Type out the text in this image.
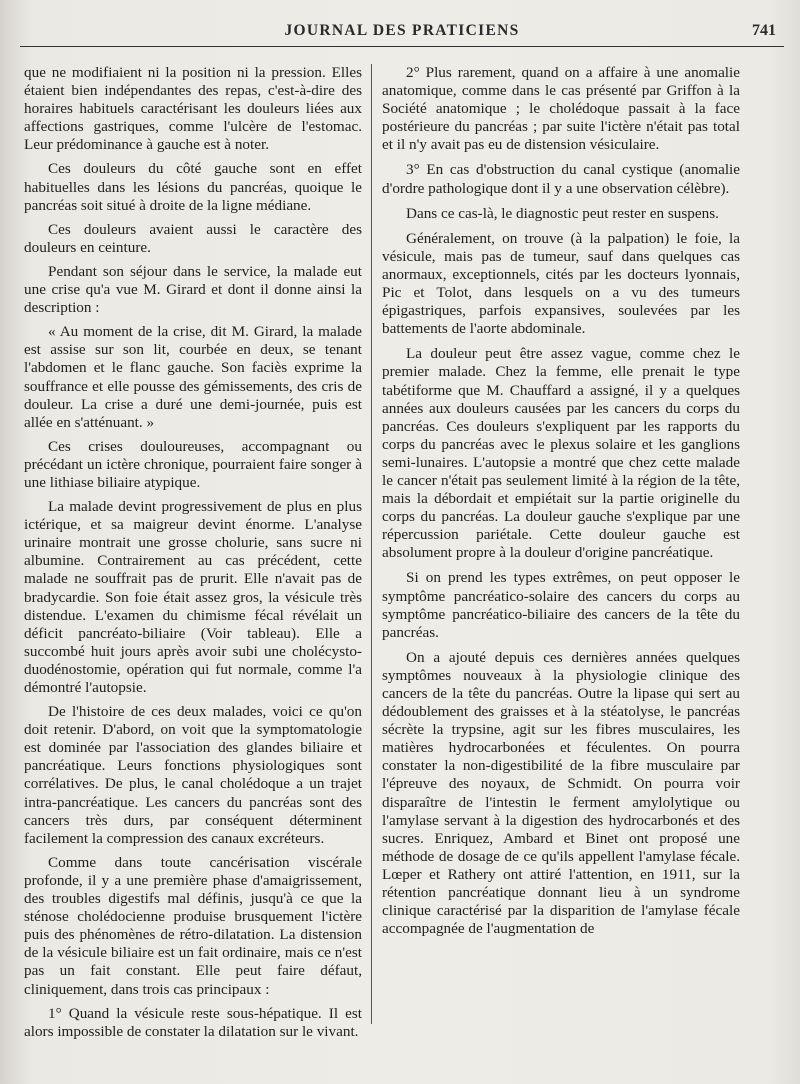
JOURNAL DES PRATICIENS	741

que ne modifiaient ni la position ni la pression. Elles étaient bien indépendantes des repas, c'est-à-dire des horaires habituels caractérisant les douleurs liées aux affections gastriques, comme l'ulcère de l'estomac. Leur prédominance à gauche est à noter.

Ces douleurs du côté gauche sont en effet habituelles dans les lésions du pancréas, quoique le pancréas soit situé à droite de la ligne médiane.

Ces douleurs avaient aussi le caractère des douleurs en ceinture.

Pendant son séjour dans le service, la malade eut une crise qu'a vue M. Girard et dont il donne ainsi la description :

« Au moment de la crise, dit M. Girard, la malade est assise sur son lit, courbée en deux, se tenant l'abdomen et le flanc gauche. Son faciès exprime la souffrance et elle pousse des gémissements, des cris de douleur. La crise a duré une demi-journée, puis est allée en s'atténuant. »

Ces crises douloureuses, accompagnant ou précédant un ictère chronique, pourraient faire songer à une lithiase biliaire atypique.

La malade devint progressivement de plus en plus ictérique, et sa maigreur devint énorme. L'analyse urinaire montrait une grosse cholurie, sans sucre ni albumine. Contrairement au cas précédent, cette malade ne souffrait pas de prurit. Elle n'avait pas de bradycardie. Son foie était assez gros, la vésicule très distendue. L'examen du chimisme fécal révélait un déficit pancréato-biliaire (Voir tableau). Elle a succombé huit jours après avoir subi une cholécysto-duodénostomie, opération qui fut normale, comme l'a démontré l'autopsie.

De l'histoire de ces deux malades, voici ce qu'on doit retenir. D'abord, on voit que la symptomatologie est dominée par l'association des glandes biliaire et pancréatique. Leurs fonctions physiologiques sont corrélatives. De plus, le canal cholédoque a un trajet intra-pancréatique. Les cancers du pancréas sont des cancers très durs, par conséquent déterminent facilement la compression des canaux excréteurs.

Comme dans toute cancérisation viscérale profonde, il y a une première phase d'amaigrissement, des troubles digestifs mal définis, jusqu'à ce que la sténose cholédocienne produise brusquement l'ictère puis des phénomènes de rétro-dilatation. La distension de la vésicule biliaire est un fait ordinaire, mais ce n'est pas un fait constant. Elle peut faire défaut, cliniquement, dans trois cas principaux :

1° Quand la vésicule reste sous-hépatique. Il est alors impossible de constater la dilatation sur le vivant.

2° Plus rarement, quand on a affaire à une anomalie anatomique, comme dans le cas présenté par Griffon à la Société anatomique ; le cholédoque passait à la face postérieure du pancréas ; par suite l'ictère n'était pas total et il n'y avait pas eu de distension vésiculaire.

3° En cas d'obstruction du canal cystique (anomalie d'ordre pathologique dont il y a une observation célèbre).

Dans ce cas-là, le diagnostic peut rester en suspens.

Généralement, on trouve (à la palpation) le foie, la vésicule, mais pas de tumeur, sauf dans quelques cas anormaux, exceptionnels, cités par les docteurs lyonnais, Pic et Tolot, dans lesquels on a vu des tumeurs épigastriques, parfois expansives, soulevées par les battements de l'aorte abdominale.

La douleur peut être assez vague, comme chez le premier malade. Chez la femme, elle prenait le type tabétiforme que M. Chauffard a assigné, il y a quelques années aux douleurs causées par les cancers du corps du pancréas. Ces douleurs s'expliquent par les rapports du corps du pancréas avec le plexus solaire et les ganglions semi-lunaires. L'autopsie a montré que chez cette malade le cancer n'était pas seulement limité à la région de la tête, mais la débordait et empiétait sur la partie originelle du corps du pancréas. La douleur gauche s'explique par une répercussion pariétale. Cette douleur gauche est absolument propre à la douleur d'origine pancréatique.

Si on prend les types extrêmes, on peut opposer le symptôme pancréatico-solaire des cancers du corps au symptôme pancréatico-biliaire des cancers de la tête du pancréas.

On a ajouté depuis ces dernières années quelques symptômes nouveaux à la physiologie clinique des cancers de la tête du pancréas. Outre la lipase qui sert au dédoublement des graisses et à la stéatolyse, le pancréas sécrète la trypsine, agit sur les fibres musculaires, les matières hydrocarbonées et féculentes. On pourra constater la non-digestibilité de la fibre musculaire par l'épreuve des noyaux, de Schmidt. On pourra voir disparaître de l'intestin le ferment amylolytique ou l'amylase servant à la digestion des hydrocarbonés et des sucres. Enriquez, Ambard et Binet ont proposé une méthode de dosage de ce qu'ils appellent l'amylase fécale. Lœper et Rathery ont attiré l'attention, en 1911, sur la rétention pancréatique donnant lieu à un syndrome clinique caractérisé par la disparition de l'amylase fécale accompagnée de l'augmentation de
